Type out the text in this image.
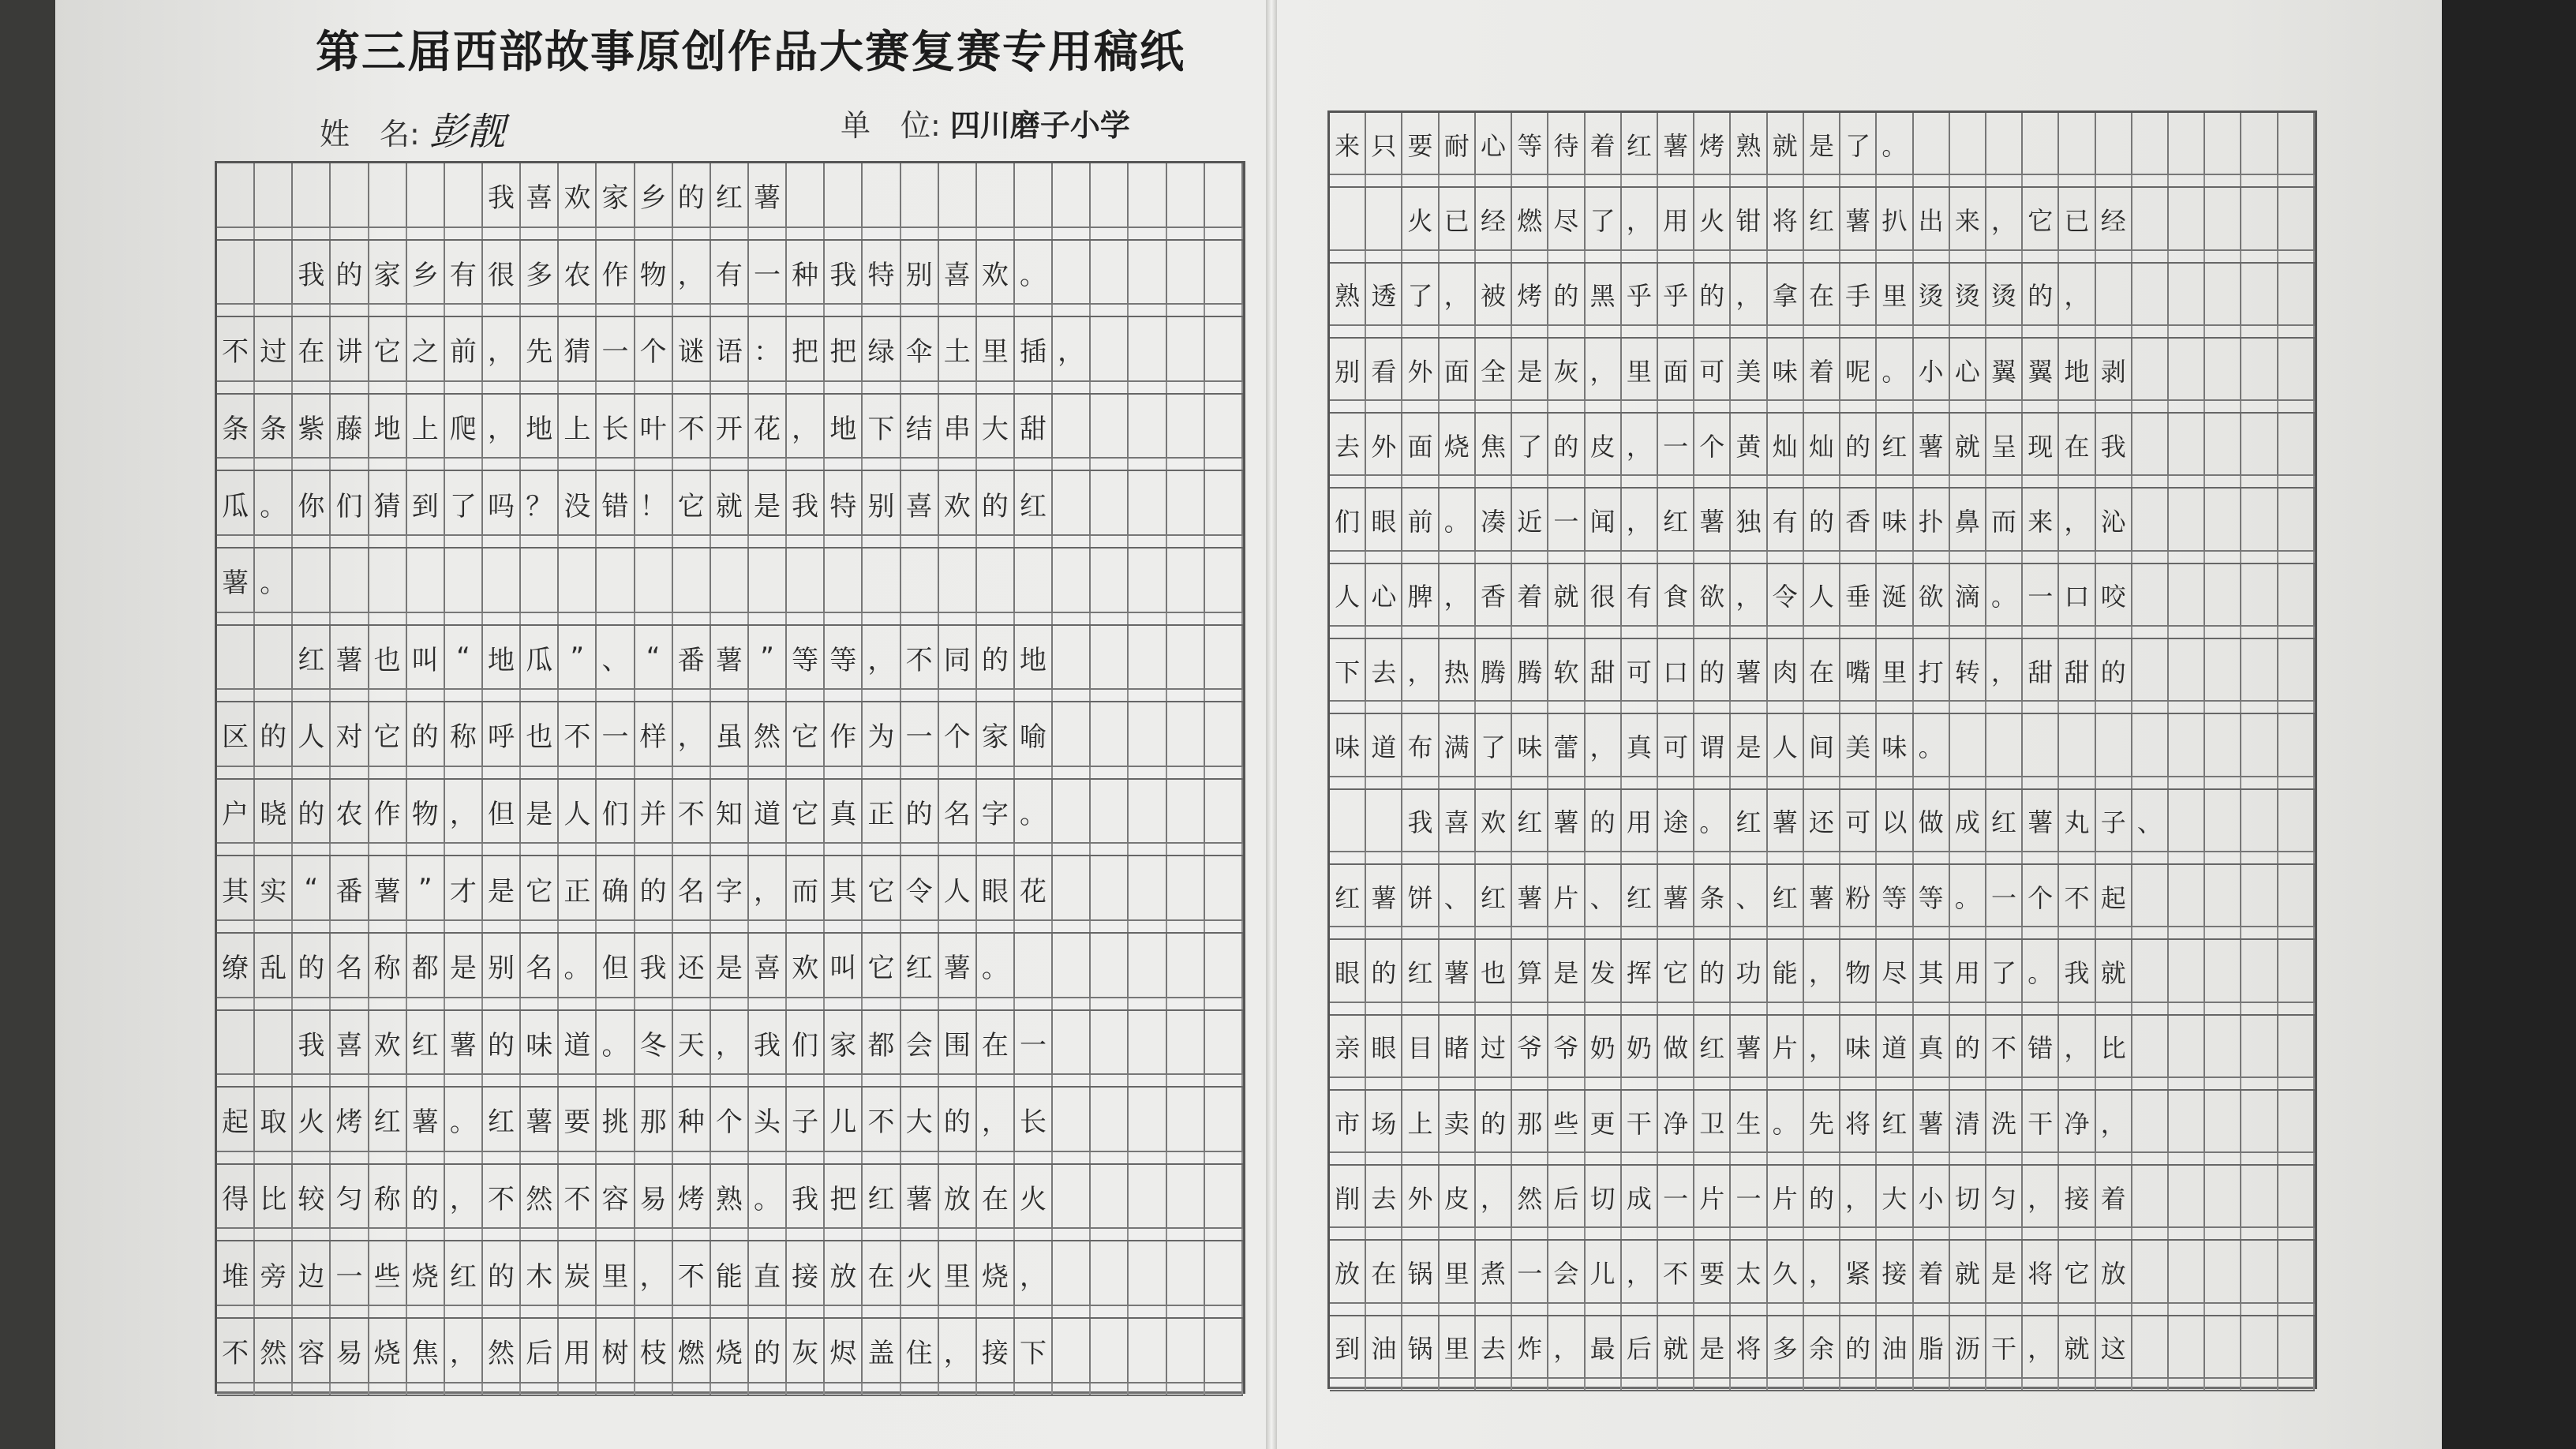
第三届西部故事原创作品大赛复赛专用稿纸
姓　名: 彭靓	单　位: 四川磨子小学
我 喜 欢 家 乡 的 红 薯
我 的 家 乡 有 很 多 农 作 物 ， 有 一 种 我 特 别 喜 欢 。
不 过 在 讲 它 之 前 ， 先 猜 一 个 谜 语 ： 把 把 绿 伞 土 里 插 ，
条 条 紫 藤 地 上 爬 ， 地 上 长 叶 不 开 花 ， 地 下 结 串 大 甜
瓜 。 你 们 猜 到 了 吗 ？ 没 错 ！ 它 就 是 我 特 别 喜 欢 的 红
薯 。
红 薯 也 叫 “ 地 瓜 ” 、 “ 番 薯 ” 等 等 ， 不 同 的 地
区 的 人 对 它 的 称 呼 也 不 一 样 ， 虽 然 它 作 为 一 个 家 喻
户 晓 的 农 作 物 ， 但 是 人 们 并 不 知 道 它 真 正 的 名 字 。
其 实 “ 番 薯 ” 才 是 它 正 确 的 名 字 ， 而 其 它 令 人 眼 花
缭 乱 的 名 称 都 是 别 名 。 但 我 还 是 喜 欢 叫 它 红 薯 。
我 喜 欢 红 薯 的 味 道 。 冬 天 ， 我 们 家 都 会 围 在 一
起 取 火 烤 红 薯 。 红 薯 要 挑 那 种 个 头 子 儿 不 大 的 ， 长
得 比 较 匀 称 的 ， 不 然 不 容 易 烤 熟 。 我 把 红 薯 放 在 火
堆 旁 边 一 些 烧 红 的 木 炭 里 ， 不 能 直 接 放 在 火 里 烧 ，
不 然 容 易 烧 焦 ， 然 后 用 树 枝 燃 烧 的 灰 烬 盖 住 ， 接 下
来 只 要 耐 心 等 待 着 红 薯 烤 熟 就 是 了 。
火 已 经 燃 尽 了 ， 用 火 钳 将 红 薯 扒 出 来 ， 它 已 经
熟 透 了 ， 被 烤 的 黑 乎 乎 的 ， 拿 在 手 里 烫 烫 烫 的 ，
别 看 外 面 全 是 灰 ， 里 面 可 美 味 着 呢 。 小 心 翼 翼 地 剥
去 外 面 烧 焦 了 的 皮 ， 一 个 黄 灿 灿 的 红 薯 就 呈 现 在 我
们 眼 前 。 凑 近 一 闻 ， 红 薯 独 有 的 香 味 扑 鼻 而 来 ， 沁
人 心 脾 ， 香 着 就 很 有 食 欲 ， 令 人 垂 涎 欲 滴 。 一 口 咬
下 去 ， 热 腾 腾 软 甜 可 口 的 薯 肉 在 嘴 里 打 转 ， 甜 甜 的
味 道 布 满 了 味 蕾 ， 真 可 谓 是 人 间 美 味 。
我 喜 欢 红 薯 的 用 途 。 红 薯 还 可 以 做 成 红 薯 丸 子 、
红 薯 饼 、 红 薯 片 、 红 薯 条 、 红 薯 粉 等 等 。 一 个 不 起
眼 的 红 薯 也 算 是 发 挥 它 的 功 能 ， 物 尽 其 用 了 。 我 就
亲 眼 目 睹 过 爷 爷 奶 奶 做 红 薯 片 ， 味 道 真 的 不 错 ， 比
市 场 上 卖 的 那 些 更 干 净 卫 生 。 先 将 红 薯 清 洗 干 净 ，
削 去 外 皮 ， 然 后 切 成 一 片 一 片 的 ， 大 小 切 匀 ， 接 着
放 在 锅 里 煮 一 会 儿 ， 不 要 太 久 ， 紧 接 着 就 是 将 它 放
到 油 锅 里 去 炸 ， 最 后 就 是 将 多 余 的 油 脂 沥 干 ， 就 这
